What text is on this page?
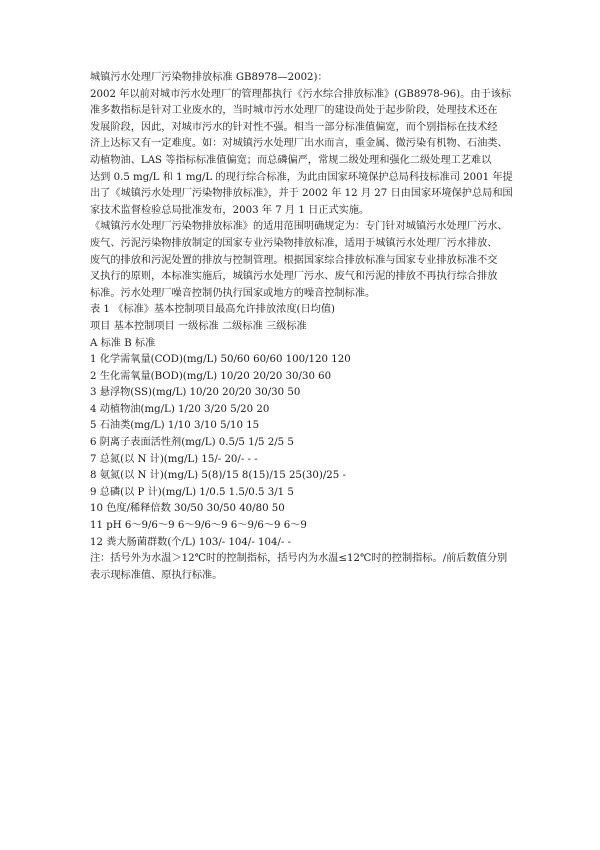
城镇污水处理厂污染物排放标准 GB8978—2002)：
2002 年以前对城市污水处理厂的管理都执行《污水综合排放标准》(GB8978-96)。由于该标
准多数指标是针对工业废水的，当时城市污水处理厂的建设尚处于起步阶段，处理技术还在
发展阶段，因此，对城市污水的针对性不强。相当一部分标准值偏宽，而个别指标在技术经
济上达标又有一定难度。如：对城镇污水处理厂出水而言，重金属、微污染有机物、石油类、
动植物油、LAS 等指标标准值偏宽；而总磷偏严，常规二级处理和强化二级处理工艺难以
达到 0.5 mg/L 和 1 mg/L 的现行综合标准，为此由国家环境保护总局科技标准司 2001 年提
出了《城镇污水处理厂污染物排放标准》，并于 2002 年 12 月 27 日由国家环境保护总局和国
家技术监督检验总局批准发布，2003 年 7 月 1 日正式实施。
《城镇污水处理厂污染物排放标准》的适用范围明确规定为：专门针对城镇污水处理厂污水、
废气、污泥污染物排放制定的国家专业污染物排放标准，适用于城镇污水处理厂污水排放、
废气的排放和污泥处置的排放与控制管理。根据国家综合排放标准与国家专业排放标准不交
叉执行的原则，本标准实施后，城镇污水处理厂污水、废气和污泥的排放不再执行综合排放
标准。污水处理厂噪音控制仍执行国家或地方的噪音控制标准。
表 1 《标准》基本控制项目最高允许排放浓度(日均值)
项目 基本控制项目 一级标准 二级标准 三级标准
A 标准 B 标准
1 化学需氧量(COD)(mg/L) 50/60 60/60 100/120 120
2 生化需氧量(BOD)(mg/L) 10/20 20/20 30/30 60
3 悬浮物(SS)(mg/L) 10/20 20/20 30/30 50
4 动植物油(mg/L) 1/20 3/20 5/20 20
5 石油类(mg/L) 1/10 3/10 5/10 15
6 阴离子表面活性剂(mg/L) 0.5/5 1/5 2/5 5
7 总氮(以 N 计)(mg/L) 15/- 20/- - -
8 氨氮(以 N 计)(mg/L) 5(8)/15 8(15)/15 25(30)/25 -
9 总磷(以 P 计)(mg/L) 1/0.5 1.5/0.5 3/1 5
10 色度/稀释倍数 30/50 30/50 40/80 50
11 pH 6～9/6～9 6～9/6～9 6～9/6～9 6～9
12 粪大肠菌群数(个/L) 103/- 104/- 104/- -
注：括号外为水温＞12℃时的控制指标，括号内为水温≤12℃时的控制指标。/前后数值分别
表示现标准值、原执行标准。
